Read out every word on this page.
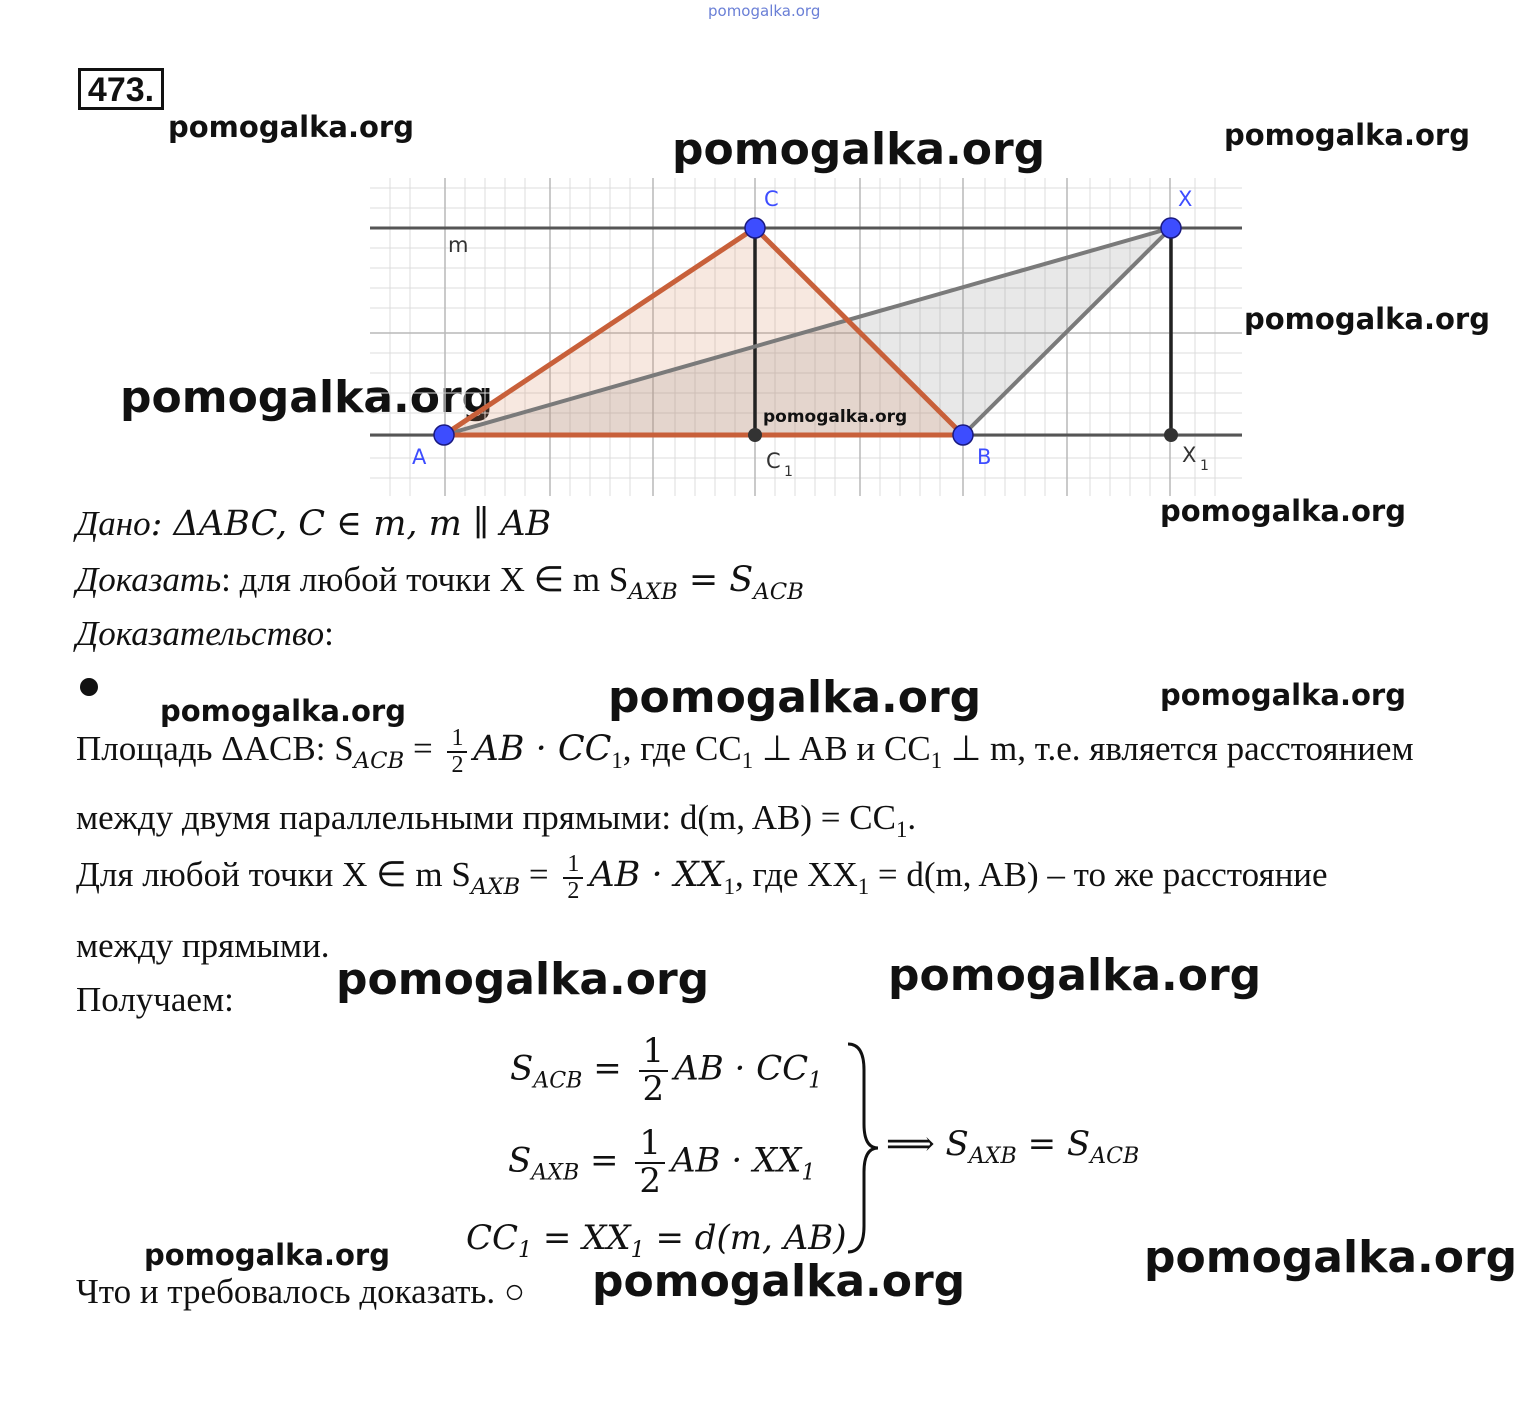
pomogalka.org
pomogalka.org	pomogalka.org	pomogalka.org
pomogalka.org
pomogalka.org
pomogalka.org
pomogalka.org	pomogalka.org	pomogalka.org
pomogalka.org	pomogalka.org
pomogalka.org	pomogalka.org
473.
C	X
A	B
m
C 1
X 1
pomogalka.org
Дано: ΔABC, C ∈ m, m ∥ AB
Доказать: для любой точки X ∈ m $S_{AXB} = S_{ACB}$
Доказательство:
Площадь ΔACB: $S_{ACB} = \frac{1}{2}$ AB · $CC_1$, где $CC_1$ ⊥ AB и $CC_1$ ⊥ m, т.е. является расстоянием
между двумя параллельными прямыми: d(m, $AB) = CC_1$.
Для любой точки X ∈ m $S_{AXB} = \frac{1}{2}$ AB · $XX_1$, где $XX_1 = d(m$, AB) – то же расстояние
между прямыми.
Получаем:
$S_{ACB} = \frac{1}{2}$ AB · $CC_1$
$S_{AXB} = \frac{1}{2}$ AB · $XX_1$
$CC_1 = XX_1 = d(m$, AB)
⟹ $S_{AXB} = S_{ACB}$
Что и требовалось доказать. ○ pomogalka.org
